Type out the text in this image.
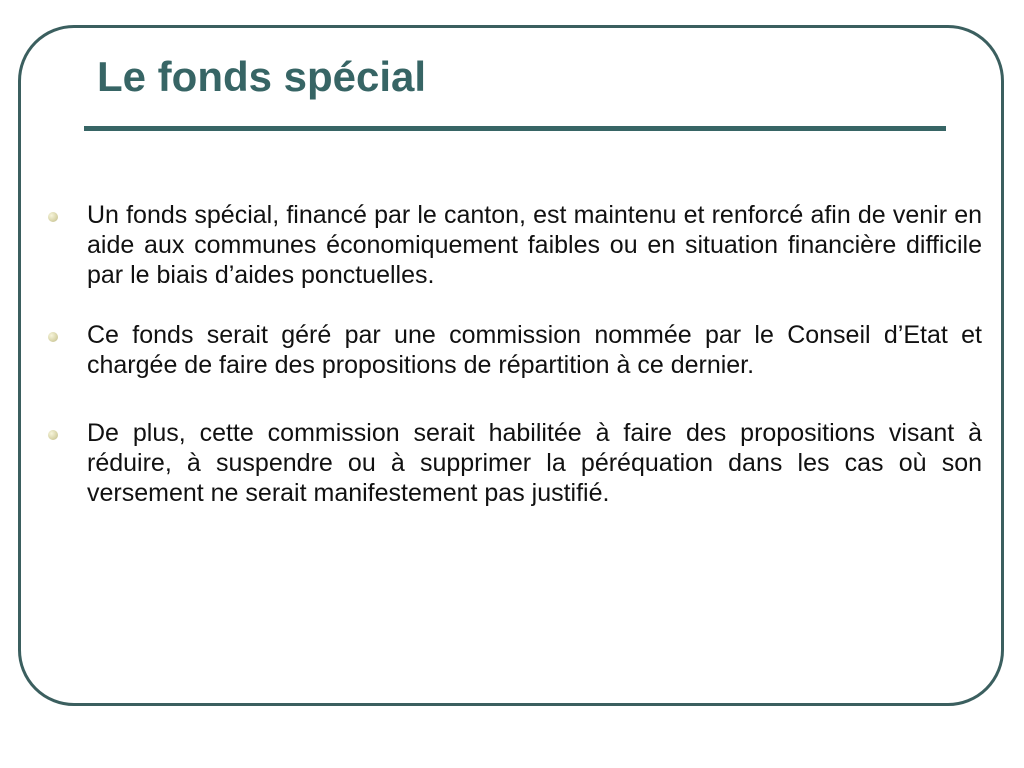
Le fonds spécial
Un fonds spécial, financé par le canton, est maintenu et renforcé afin de venir en aide aux communes économiquement faibles ou en situation financière difficile par le biais d’aides ponctuelles.
Ce fonds serait géré par une commission nommée par le Conseil d’Etat et chargée de faire des propositions de répartition à ce dernier.
De plus, cette commission serait habilitée à faire des propositions visant à réduire, à suspendre ou à supprimer la péréquation dans les cas où son versement ne serait manifestement pas justifié.
